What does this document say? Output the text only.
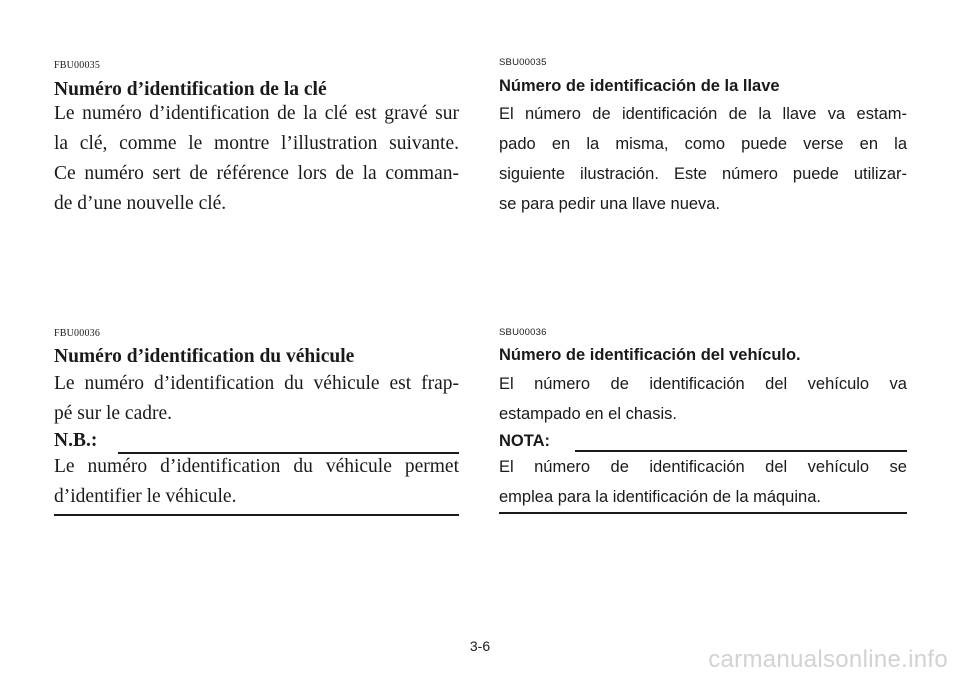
FBU00035
Numéro d’identification de la clé
Le numéro d’identification de la clé est gravé sur
la clé, comme le montre l’illustration suivante.
Ce numéro sert de référence lors de la comman-
de d’une nouvelle clé.
FBU00036
Numéro d’identification du véhicule
Le numéro d’identification du véhicule est frap-
pé sur le cadre.
N.B.:
Le numéro d’identification du véhicule permet
d’identifier le véhicule.
SBU00035
Número de identificación de la llave
El número de identificación de la llave va estam-
pado en la misma, como puede verse en la
siguiente ilustración. Este número puede utilizar-
se para pedir una llave nueva.
SBU00036
Número de identificación del vehículo.
El número de identificación del vehículo va
estampado en el chasis.
NOTA:
El número de identificación del vehículo se
emplea para la identificación de la máquina.
3-6	carmanualsonline.info
